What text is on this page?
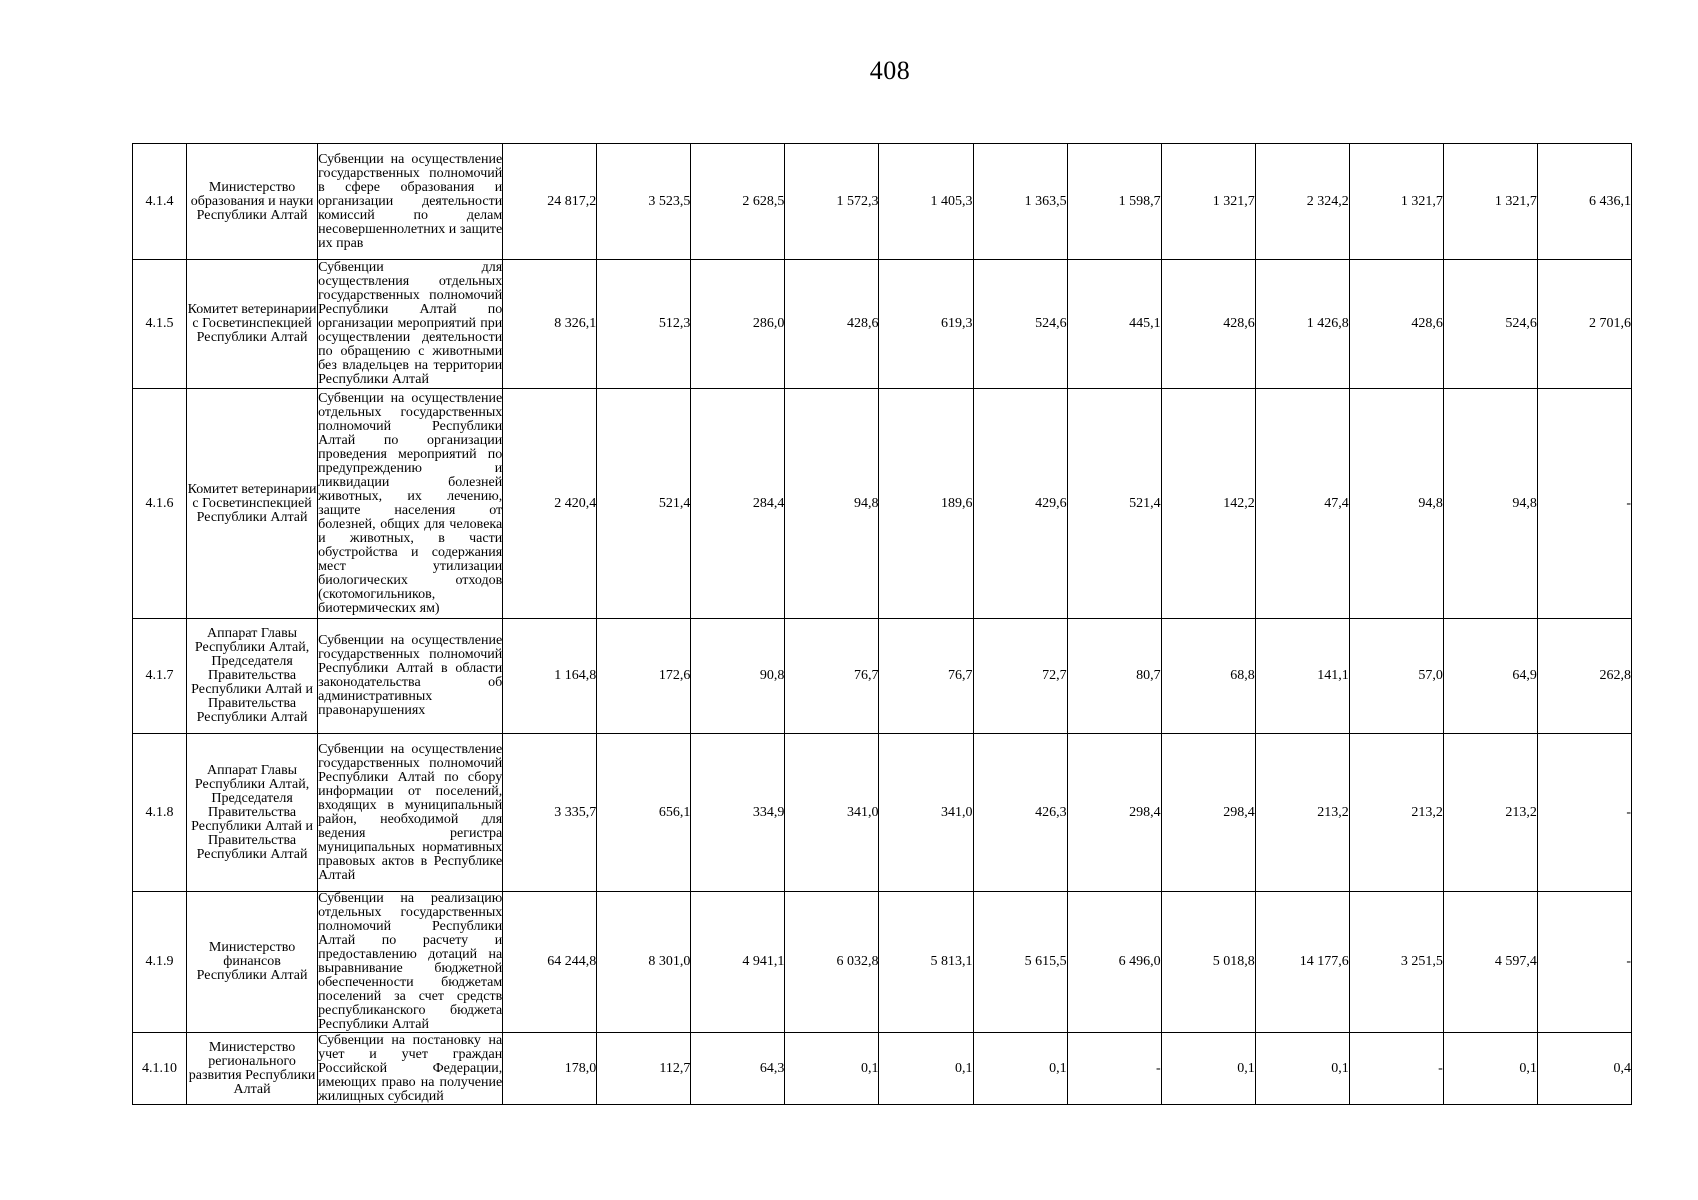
408
4.1.4	Министерство образования и науки Республики Алтай	Субвенции на осуществление государственных полномочий в сфере образования и организации деятельности комиссий по делам несовершеннолетних и защите их прав	24 817,2	3 523,5	2 628,5	1 572,3	1 405,3	1 363,5	1 598,7	1 321,7	2 324,2	1 321,7	1 321,7	6 436,1
4.1.5	Комитет ветеринарии с Госветинспекцией Республики Алтай	Субвенции для осуществления отдельных государственных полномочий Республики Алтай по организации мероприятий при осуществлении деятельности по обращению с животными без владельцев на территории Республики Алтай	8 326,1	512,3	286,0	428,6	619,3	524,6	445,1	428,6	1 426,8	428,6	524,6	2 701,6
4.1.6	Комитет ветеринарии с Госветинспекцией Республики Алтай	Субвенции на осуществление отдельных государственных полномочий Республики Алтай по организации проведения мероприятий по предупреждению и ликвидации болезней животных, их лечению, защите населения от болезней, общих для человека и животных, в части обустройства и содержания мест утилизации биологических отходов (скотомогильников, биотермических ям)	2 420,4	521,4	284,4	94,8	189,6	429,6	521,4	142,2	47,4	94,8	94,8	-
4.1.7	Аппарат Главы Республики Алтай, Председателя Правительства Республики Алтай и Правительства Республики Алтай	Субвенции на осуществление государственных полномочий Республики Алтай в области законодательства об административных правонарушениях	1 164,8	172,6	90,8	76,7	76,7	72,7	80,7	68,8	141,1	57,0	64,9	262,8
4.1.8	Аппарат Главы Республики Алтай, Председателя Правительства Республики Алтай и Правительства Республики Алтай	Субвенции на осуществление государственных полномочий Республики Алтай по сбору информации от поселений, входящих в муниципальный район, необходимой для ведения регистра муниципальных нормативных правовых актов в Республике Алтай	3 335,7	656,1	334,9	341,0	341,0	426,3	298,4	298,4	213,2	213,2	213,2	-
4.1.9	Министерство финансов Республики Алтай	Субвенции на реализацию отдельных государственных полномочий Республики Алтай по расчету и предоставлению дотаций на выравнивание бюджетной обеспеченности бюджетам поселений за счет средств республиканского бюджета Республики Алтай	64 244,8	8 301,0	4 941,1	6 032,8	5 813,1	5 615,5	6 496,0	5 018,8	14 177,6	3 251,5	4 597,4	-
4.1.10	Министерство регионального развития Республики Алтай	Субвенции на постановку на учет и учет граждан Российской Федерации, имеющих право на получение жилищных субсидий	178,0	112,7	64,3	0,1	0,1	0,1	-	0,1	0,1	-	0,1	0,4
